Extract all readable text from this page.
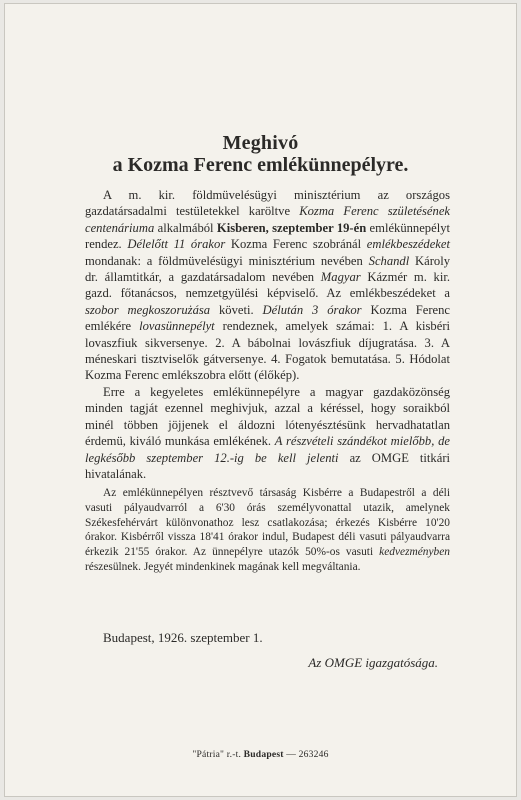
Meghivó
a Kozma Ferenc emlékünnepélyre.

A m. kir. földmüvelésügyi minisztérium az országos gazdatársadalmi testületekkel karöltve Kozma Ferenc születésének centenáriuma alkalmából Kisberen, szeptember 19-én emlékünnepélyt rendez. Délelőtt 11 órakor Kozma Ferenc szobránál emlékbeszédeket mondanak: a földmüvelésügyi minisztérium nevében Schandl Károly dr. államtitkár, a gazdatársadalom nevében Magyar Kázmér m. kir. gazd. főtanácsos, nemzetgyülési képviselő. Az emlékbeszédeket a szobor megkoszorużása követi. Délután 3 órakor Kozma Ferenc emlékére lovasünnepélyt rendeznek, amelyek számai: 1. A kisbéri lovaszfiuk sikversenye. 2. A bábolnai lovászfiuk díjugratása. 3. A méneskari tisztviselők gátversenye. 4. Fogatok bemutatása. 5. Hódolat Kozma Ferenc emlékszobra előtt (élőkép).

Erre a kegyeletes emlékünnepélyre a magyar gazdaközönség minden tagját ezennel meghivjuk, azzal a kéréssel, hogy soraikból minél többen jöjjenek el áldozni lótenyésztésünk hervadhatatlan érdemü, kiváló munkása emlékének. A részvételi szándékot mielőbb, de legkésőbb szeptember 12.-ig be kell jelenti az OMGE titkári hivatalának.

Az emlékünnepélyen résztvevő társaság Kisbérre a Budapestről a déli vasuti pályaudvarról a 6'30 órás személyvonattal utazik, amelynek Székesfehérvárt különvonathoz lesz csatlakozása; érkezés Kisbérre 10'20 órakor. Kisbérről vissza 18'41 órakor indul, Budapest déli vasuti pályaudvarra érkezik 21'55 órakor. Az ünnepélyre utazók 50%-os vasuti kedvezményben részesülnek. Jegyét mindenkinek magának kell megváltania.

Budapest, 1926. szeptember 1.
Az OMGE igazgatósága.
"Pátria" r.-t. Budapest — 263246
